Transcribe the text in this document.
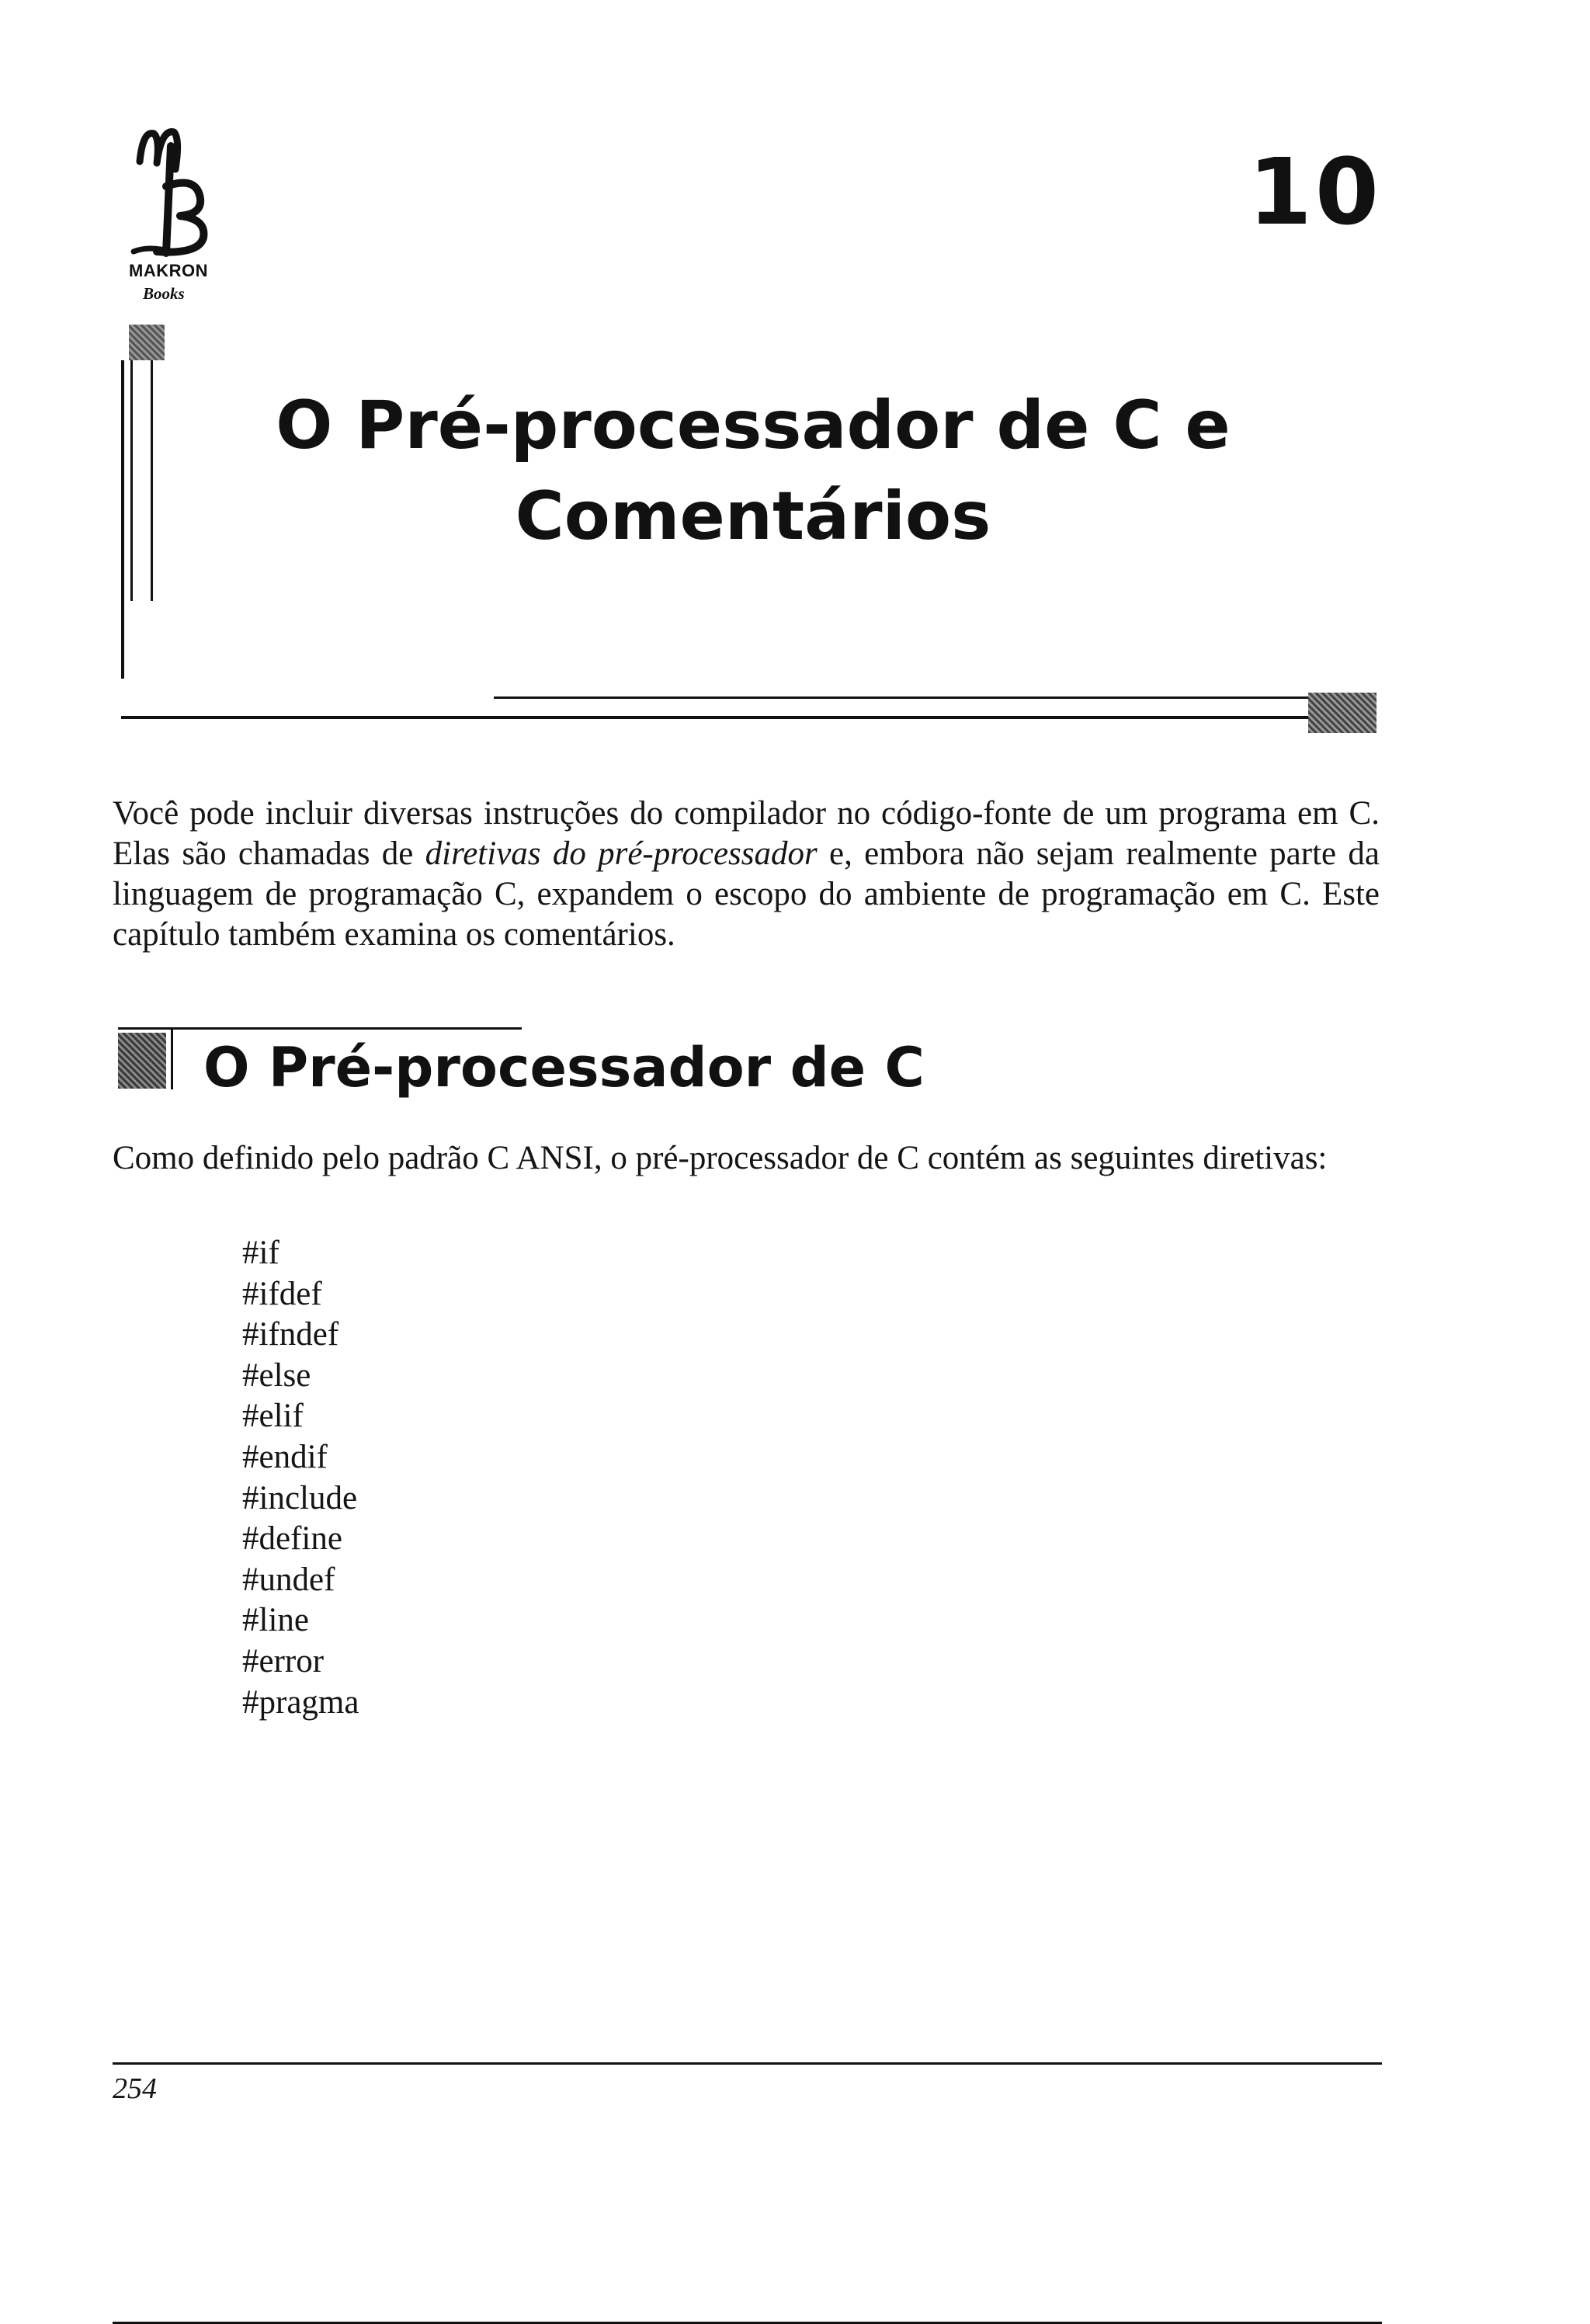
MAKRON
Books
10
O Pré-processador de C e
Comentários

Você pode incluir diversas instruções do compilador no código-fonte de um programa em C. Elas são chamadas de diretivas do pré-processador e, embora não sejam realmente parte da linguagem de programação C, expandem o escopo do ambiente de programação em C. Este capítulo também examina os comentários.

O Pré-processador de C

Como definido pelo padrão C ANSI, o pré-processador de C contém as seguintes diretivas:

#if
#ifdef
#ifndef
#else
#elif
#endif
#include
#define
#undef
#line
#error
#pragma
254
